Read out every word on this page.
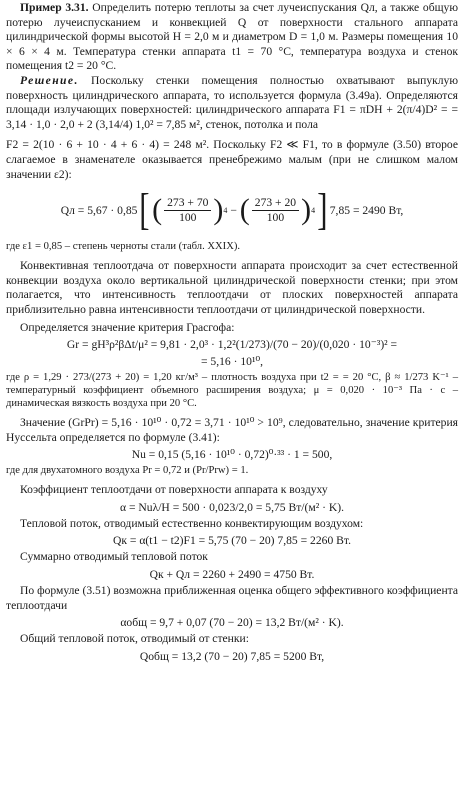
Пример 3.31. Определить потерю теплоты за счет лучеиспускания Qл, а также общую потерю лучеиспусканием и конвекцией Q от поверхности стального аппарата цилиндрической формы высотой H = 2,0 м и диаметром D = 1,0 м. Размеры помещения 10 × 6 × 4 м. Температура стенки аппарата t1 = 70 °C, температура воздуха и стенок помещения t2 = 20 °C.

Решение. Поскольку стенки помещения полностью охватывают выпуклую поверхность цилиндрического аппарата, то используется формула (3.49а). Определяются площади излучающих поверхностей: цилиндрического аппарата F1 = πDH + 2(π/4)D² = = 3,14 · 1,0 · 2,0 + 2 (3,14/4) 1,0² = 7,85 м², стенок, потолка и пола

F2 = 2(10 · 6 + 10 · 4 + 6 · 4) = 248 м². Поскольку F2 ≪ F1, то в формуле (3.50) второе слагаемое в знаменателе оказывается пренебрежимо малым (при не слишком малом значении ε2):

Qл = 5,67 · 0,85 [ ( $\frac{273 + 70}{100}$ ) 4 − ( $\frac{273 + 20}{100}$ ) 4 ] 7,85 = 2490 Вт,

где ε1 = 0,85 – степень черноты стали (табл. XXIX).

Конвективная теплоотдача от поверхности аппарата происходит за счет естественной конвекции воздуха около вертикальной цилиндрической поверхности стенки; при этом полагается, что интенсивность теплоотдачи от плоских поверхностей аппарата приблизительно равна интенсивности теплоотдачи от цилиндрической поверхности.

Определяется значение критерия Грасгофа:

Gr = gH³ρ²βΔt/μ² = 9,81 · 2,0³ · 1,2²(1/273)/(70 − 20)/(0,020 · 10⁻³)² =

= 5,16 · 10¹⁰,

где ρ = 1,29 · 273/(273 + 20) = 1,20 кг/м³ – плотность воздуха при t2 = = 20 °С, β ≈ 1/273 K⁻¹ – температурный коэффициент объемного расширения воздуха; μ = 0,020 · 10⁻³ Па · с – динамическая вязкость воздуха при 20 °С.

Значение (GrPr) = 5,16 · 10¹⁰ · 0,72 = 3,71 · 10¹⁰ > 10⁹, следовательно, значение критерия Нуссельта определяется по формуле (3.41):

Nu = 0,15 (5,16 · 10¹⁰ · 0,72)⁰·³³ · 1 = 500,

где для двухатомного воздуха Pr = 0,72 и (Pr/Prw) = 1.

Коэффициент теплоотдачи от поверхности аппарата к воздуху

α = Nuλ/H = 500 · 0,023/2,0 = 5,75 Вт/(м² · K).

Тепловой поток, отводимый естественно конвектирующим воздухом:

Qк = α(t1 − t2)F1 = 5,75 (70 − 20) 7,85 = 2260 Вт.

Суммарно отводимый тепловой поток

Qк + Qл = 2260 + 2490 = 4750 Вт.

По формуле (3.51) возможна приближенная оценка общего эффективного коэффициента теплоотдачи

αобщ = 9,7 + 0,07 (70 − 20) = 13,2 Вт/(м² · K).

Общий тепловой поток, отводимый от стенки:

Qобщ = 13,2 (70 − 20) 7,85 = 5200 Вт,
